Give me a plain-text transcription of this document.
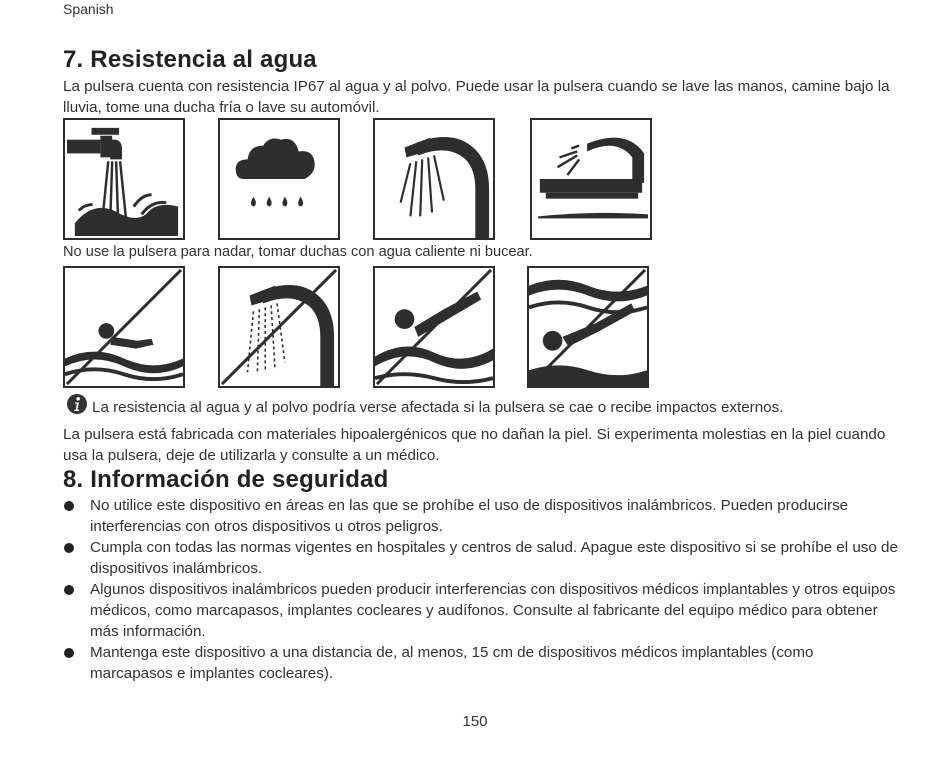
Spanish
7. Resistencia al agua

La pulsera cuenta con resistencia IP67 al agua y al polvo. Puede usar la pulsera cuando se lave las manos, camine bajo la lluvia, tome una ducha fría o lave su automóvil.

No use la pulsera para nadar, tomar duchas con agua caliente ni bucear.

La resistencia al agua y al polvo podría verse afectada si la pulsera se cae o recibe impactos externos.

La pulsera está fabricada con materiales hipoalergénicos que no dañan la piel. Si experimenta molestias en la piel cuando usa la pulsera, deje de utilizarla y consulte a un médico.

8. Información de seguridad
No utilice este dispositivo en áreas en las que se prohíbe el uso de dispositivos inalámbricos. Pueden producirse interferencias con otros dispositivos u otros peligros.
Cumpla con todas las normas vigentes en hospitales y centros de salud. Apague este dispositivo si se prohíbe el uso de dispositivos inalámbricos.
Algunos dispositivos inalámbricos pueden producir interferencias con dispositivos médicos implantables y otros equipos médicos, como marcapasos, implantes cocleares y audífonos. Consulte al fabricante del equipo médico para obtener más información.
Mantenga este dispositivo a una distancia de, al menos, 15 cm de dispositivos médicos implantables (como marcapasos e implantes cocleares).
150
